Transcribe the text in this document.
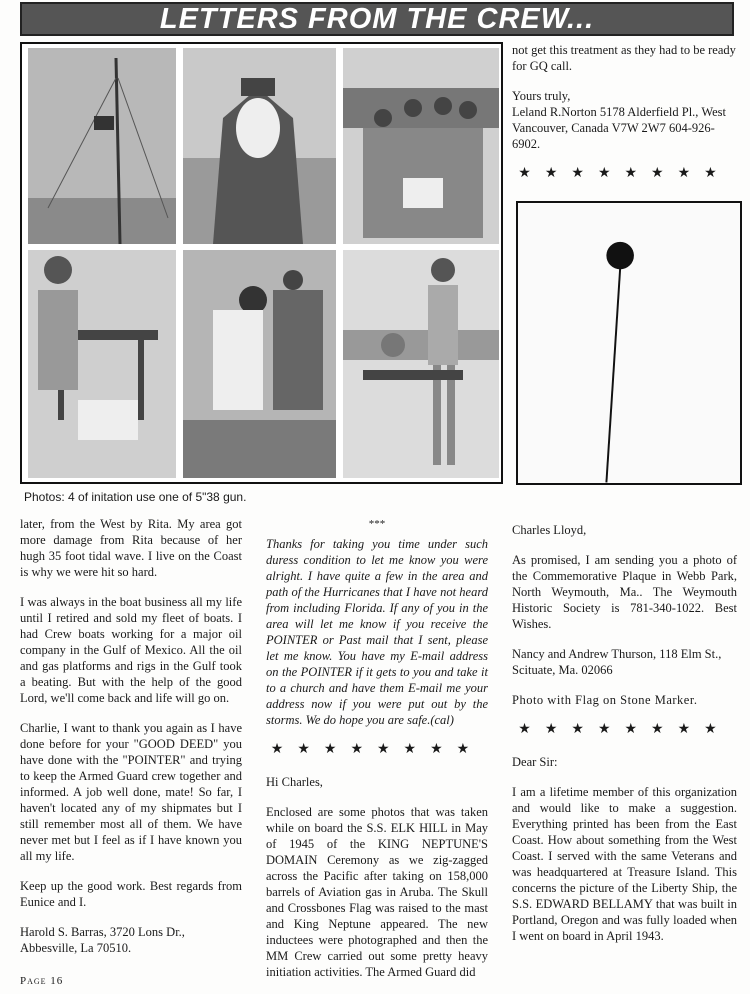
LETTERS FROM THE CREW...
Photos: 4 of initation use one of 5"38 gun.

later, from the West by Rita. My area got more damage from Rita because of her hugh 35 foot tidal wave. I live on the Coast is why we were hit so hard.

I was always in the boat business all my life until I retired and sold my fleet of boats. I had Crew boats working for a major oil company in the Gulf of Mexico. All the oil and gas platforms and rigs in the Gulf took a beating. But with the help of the good Lord, we'll come back and life will go on.

Charlie, I want to thank you again as I have done before for your "GOOD DEED" you have done with the "POINTER" and trying to keep the Armed Guard crew together and informed. A job well done, mate! So far, I haven't located any of my shipmates but I still remember most all of them. We have never met but I feel as if I have known you all my life.

Keep up the good work. Best regards from Eunice and I.

Harold S. Barras, 3720 Lons Dr., Abbesville, La 70510.

***

Thanks for taking you time under such duress condition to let me know you were alright. I have quite a few in the area and path of the Hurricanes that I have not heard from including Florida. If any of you in the area will let me know if you receive the POINTER or Past mail that I sent, please let me know. You have my E-mail address on the POINTER if it gets to you and take it to a church and have them E-mail me your address now if you were put out by the storms. We do hope you are safe.(cal)

★★★★★★★★

Hi Charles,

Enclosed are some photos that was taken while on board the S.S. ELK HILL in May of 1945 of the KING NEPTUNE'S DOMAIN Ceremony as we zig-zagged across the Pacific after taking on 158,000 barrels of Aviation gas in Aruba. The Skull and Crossbones Flag was raised to the mast and King Neptune appeared. The new inductees were photographed and then the MM Crew carried out some pretty heavy initiation activities. The Armed Guard did

not get this treatment as they had to be ready for GQ call.

Yours truly,

Leland R.Norton 5178 Alderfield Pl., West Vancouver, Canada V7W 2W7 604-926-6902.

★★★★★★★★

Charles Lloyd,

As promised, I am sending you a photo of the Commemorative Plaque in Webb Park, North Weymouth, Ma.. The Weymouth Historic Society is 781-340-1022. Best Wishes.

Nancy and Andrew Thurson, 118 Elm St., Scituate, Ma. 02066

Photo with Flag on Stone Marker.

★★★★★★★★

Dear Sir:

I am a lifetime member of this organization and would like to make a suggestion. Everything printed has been from the East Coast. How about something from the West Coast. I served with the same Veterans and was headquartered at Treasure Island. This concerns the picture of the Liberty Ship, the S.S. EDWARD BELLAMY that was built in Portland, Oregon and was fully loaded when I went on board in April 1943.

Page 16
